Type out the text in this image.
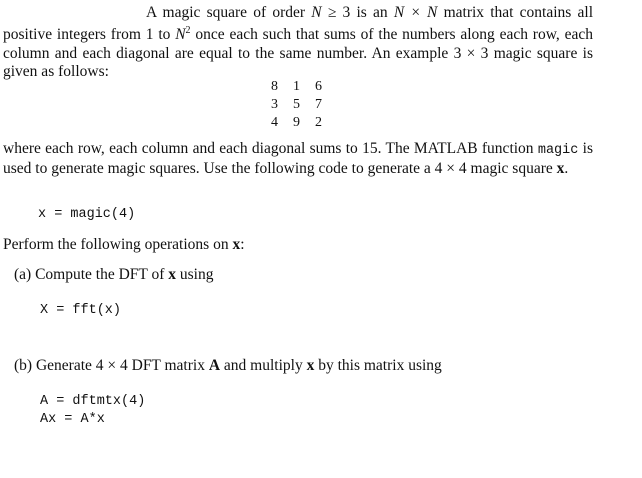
A magic square of order N ≥ 3 is an N × N matrix that contains all positive integers from 1 to $N^2$ once each such that sums of the numbers along each row, each column and each diagonal are equal to the same number. An example 3 × 3 magic square is given as follows:

8	1	6
3	5	7
4	9	2

where each row, each column and each diagonal sums to 15. The MATLAB function magic is used to generate magic squares. Use the following code to generate a 4 × 4 magic square x.

x = magic(4)
Perform the following operations on x:
(a) Compute the DFT of x using
X = fft(x)
(b) Generate 4 × 4 DFT matrix A and multiply x by this matrix using
A = dftmtx(4)
Ax = A*x
